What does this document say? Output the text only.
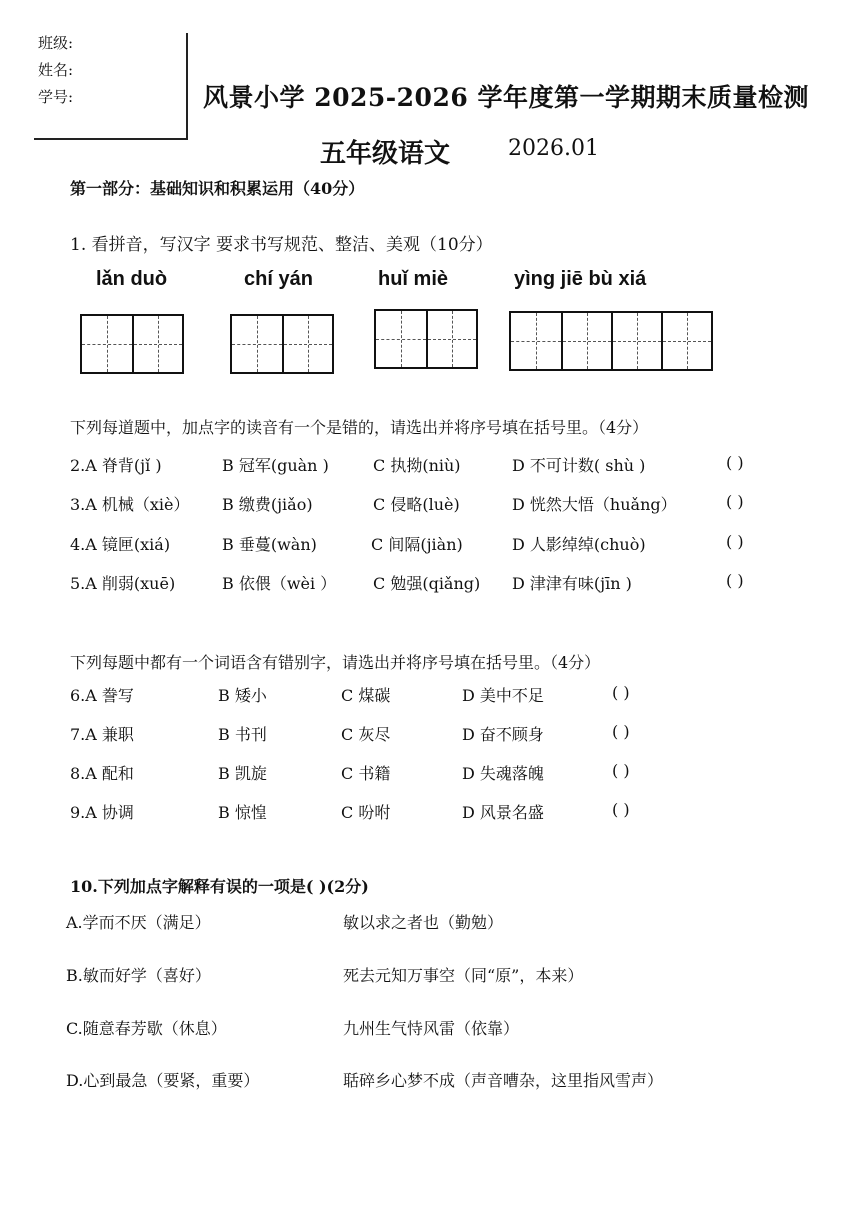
班级:
姓名:
学号:	风景小学 2025-2026 学年度第一学期期末质量检测
五年级语文	2026.01
第一部分：基础知识和积累运用（40分）
1. 看拼音，写汉字 要求书写规范、整洁、美观（10分）
lǎn duò	chí yán	huǐ miè	yìng jiē bù xiá
下列每道题中，加点字的读音有一个是错的，请选出并将序号填在括号里。（4分）
2.A 脊背(jǐ )	B 冠军(guàn )	C 执拗(niù)	D 不可计数( shù )	( )
3.A 机械（xiè） B 缴费(jiǎo)	C 侵略(luè)	D 恍然大悟（huǎng）	( )
4.A 镜匣(xiá)	B 垂蔓(wàn)	C 间隔(jiàn)	D 人影绰绰(chuò)	( )
5.A 削弱(xuē)	B 依偎（wèi ） C 勉强(qiǎng) D 津津有味(jīn )	( )
下列每题中都有一个词语含有错别字，请选出并将序号填在括号里。（4分）
6.A 誊写	B 矮小	C 煤碳	D 美中不足	( )
7.A 兼职	B 书刊	C 灰尽	D 奋不顾身	( )
8.A 配和	B 凯旋	C 书籍	D 失魂落魄	( )
9.A 协调	B 惊惶	C 吩咐	D 风景名盛	( )
10.下列加点字解释有误的一项是( )(2分)
A.学而不厌（满足）	敏以求之者也（勤勉）
B.敏而好学（喜好）	死去元知万事空（同“原”，本来）
C.随意春芳歇（休息）	九州生气恃风雷（依靠）
D.心到最急（要紧，重要）	聒碎乡心梦不成（声音嘈杂，这里指风雪声）
